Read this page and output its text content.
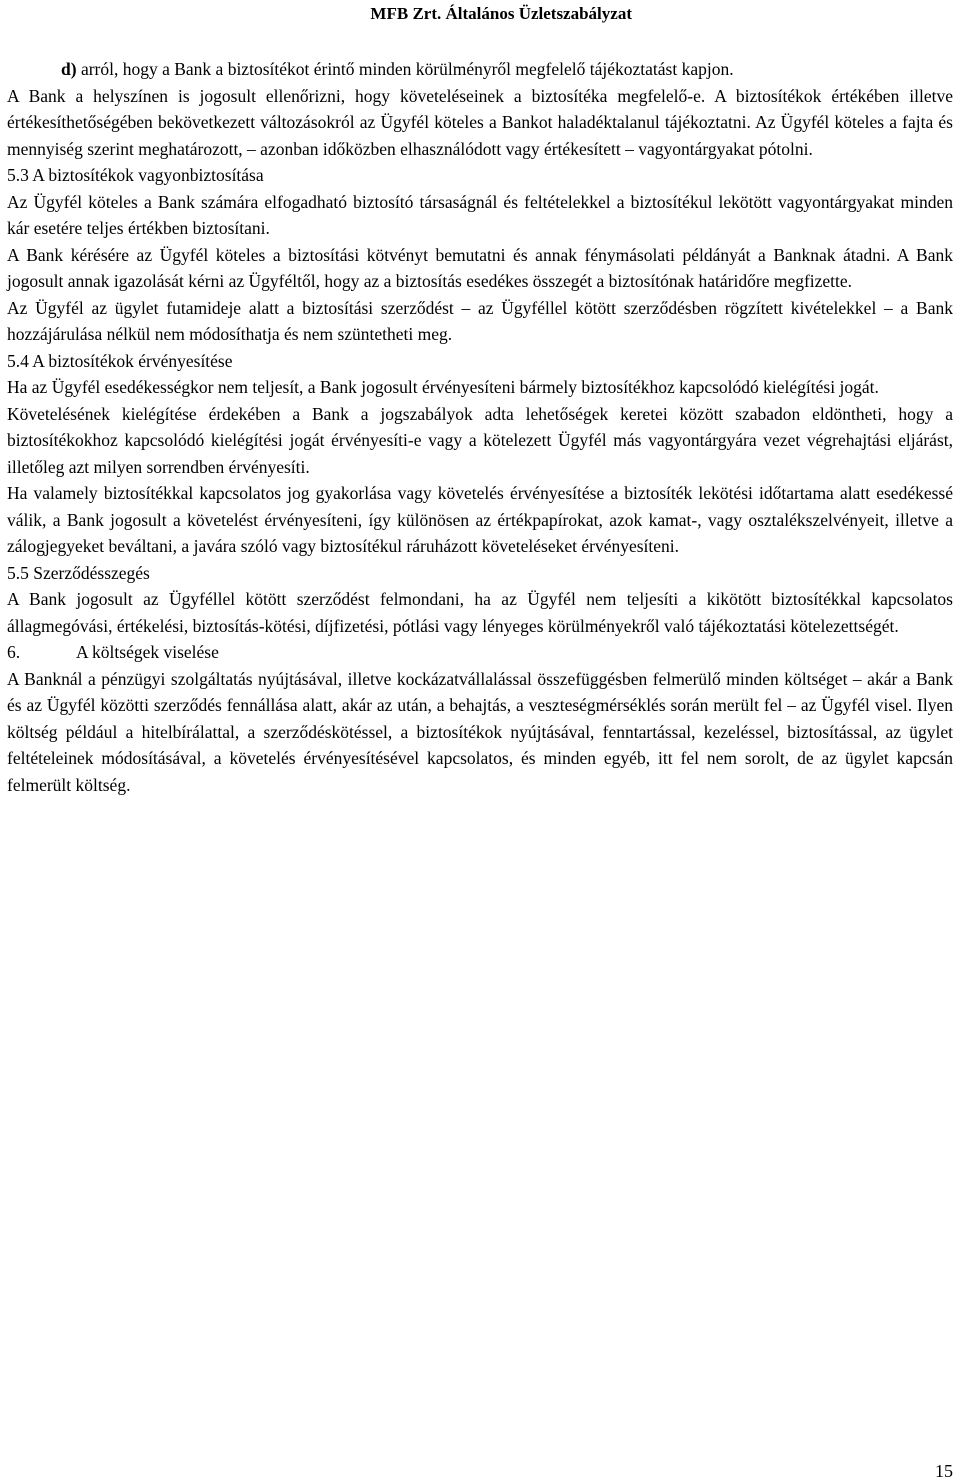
MFB Zrt. Általános Üzletszabályzat

d) arról, hogy a Bank a biztosítékot érintő minden körülményről megfelelő tájékoztatást kapjon.

A Bank a helyszínen is jogosult ellenőrizni, hogy követeléseinek a biztosítéka megfelelő-e. A biztosítékok értékében illetve értékesíthetőségében bekövetkezett változásokról az Ügyfél köteles a Bankot haladéktalanul tájékoztatni. Az Ügyfél köteles a fajta és mennyiség szerint meghatározott, – azonban időközben elhasználódott vagy értékesített – vagyontárgyakat pótolni.

5.3 A biztosítékok vagyonbiztosítása

Az Ügyfél köteles a Bank számára elfogadható biztosító társaságnál és feltételekkel a biztosítékul lekötött vagyontárgyakat minden kár esetére teljes értékben biztosítani.

A Bank kérésére az Ügyfél köteles a biztosítási kötvényt bemutatni és annak fénymásolati példányát a Banknak átadni. A Bank jogosult annak igazolását kérni az Ügyféltől, hogy az a biztosítás esedékes összegét a biztosítónak határidőre megfizette.

Az Ügyfél az ügylet futamideje alatt a biztosítási szerződést – az Ügyféllel kötött szerződésben rögzített kivételekkel – a Bank hozzájárulása nélkül nem módosíthatja és nem szüntetheti meg.

5.4 A biztosítékok érvényesítése

Ha az Ügyfél esedékességkor nem teljesít, a Bank jogosult érvényesíteni bármely biztosítékhoz kapcsolódó kielégítési jogát.

Követelésének kielégítése érdekében a Bank a jogszabályok adta lehetőségek keretei között szabadon eldöntheti, hogy a biztosítékokhoz kapcsolódó kielégítési jogát érvényesíti-e vagy a kötelezett Ügyfél más vagyontárgyára vezet végrehajtási eljárást, illetőleg azt milyen sorrendben érvényesíti.

Ha valamely biztosítékkal kapcsolatos jog gyakorlása vagy követelés érvényesítése a biztosíték lekötési időtartama alatt esedékessé válik, a Bank jogosult a követelést érvényesíteni, így különösen az értékpapírokat, azok kamat-, vagy osztalékszelvényeit, illetve a zálogjegyeket beváltani, a javára szóló vagy biztosítékul ráruházott követeléseket érvényesíteni.

5.5 Szerződésszegés

A Bank jogosult az Ügyféllel kötött szerződést felmondani, ha az Ügyfél nem teljesíti a kikötött biztosítékkal kapcsolatos állagmegóvási, értékelési, biztosítás-kötési, díjfizetési, pótlási vagy lényeges körülményekről való tájékoztatási kötelezettségét.

6.	A költségek viselése

A Banknál a pénzügyi szolgáltatás nyújtásával, illetve kockázatvállalással összefüggésben felmerülő minden költséget – akár a Bank és az Ügyfél közötti szerződés fennállása alatt, akár az után, a behajtás, a veszteségmérséklés során merült fel – az Ügyfél visel. Ilyen költség például a hitelbírálattal, a szerződéskötéssel, a biztosítékok nyújtásával, fenntartással, kezeléssel, biztosítással, az ügylet feltételeinek módosításával, a követelés érvényesítésével kapcsolatos, és minden egyéb, itt fel nem sorolt, de az ügylet kapcsán felmerült költség.

15
